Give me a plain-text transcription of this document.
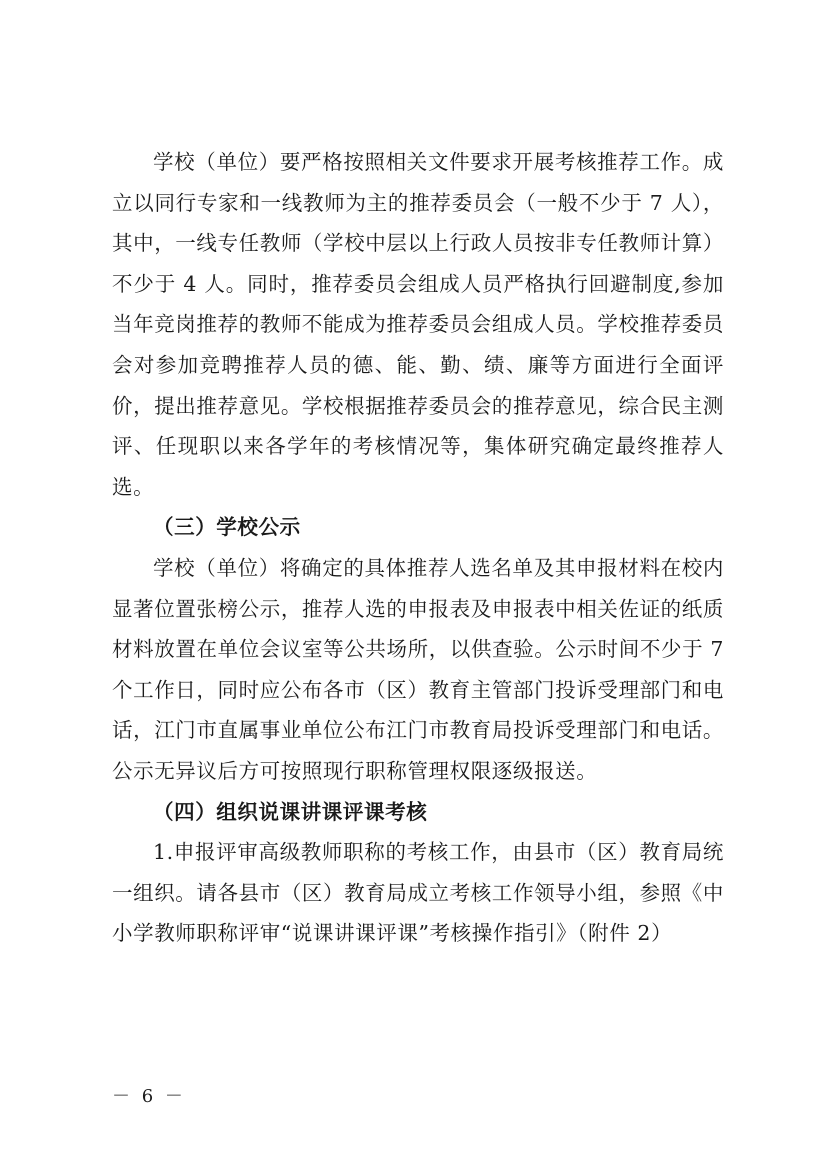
学校（单位）要严格按照相关文件要求开展考核推荐工作。成立以同行专家和一线教师为主的推荐委员会（一般不少于 7 人），其中，一线专任教师（学校中层以上行政人员按非专任教师计算）不少于 4 人。同时，推荐委员会组成人员严格执行回避制度,参加当年竞岗推荐的教师不能成为推荐委员会组成人员。学校推荐委员会对参加竞聘推荐人员的德、能、勤、绩、廉等方面进行全面评价，提出推荐意见。学校根据推荐委员会的推荐意见，综合民主测评、任现职以来各学年的考核情况等，集体研究确定最终推荐人选。

（三）学校公示

学校（单位）将确定的具体推荐人选名单及其申报材料在校内显著位置张榜公示，推荐人选的申报表及申报表中相关佐证的纸质材料放置在单位会议室等公共场所，以供查验。公示时间不少于 7 个工作日，同时应公布各市（区）教育主管部门投诉受理部门和电话，江门市直属事业单位公布江门市教育局投诉受理部门和电话。公示无异议后方可按照现行职称管理权限逐级报送。

（四）组织说课讲课评课考核

1.申报评审高级教师职称的考核工作，由县市（区）教育局统一组织。请各县市（区）教育局成立考核工作领导小组，参照《中小学教师职称评审“说课讲课评课”考核操作指引》（附件 2）

－ 6 －
